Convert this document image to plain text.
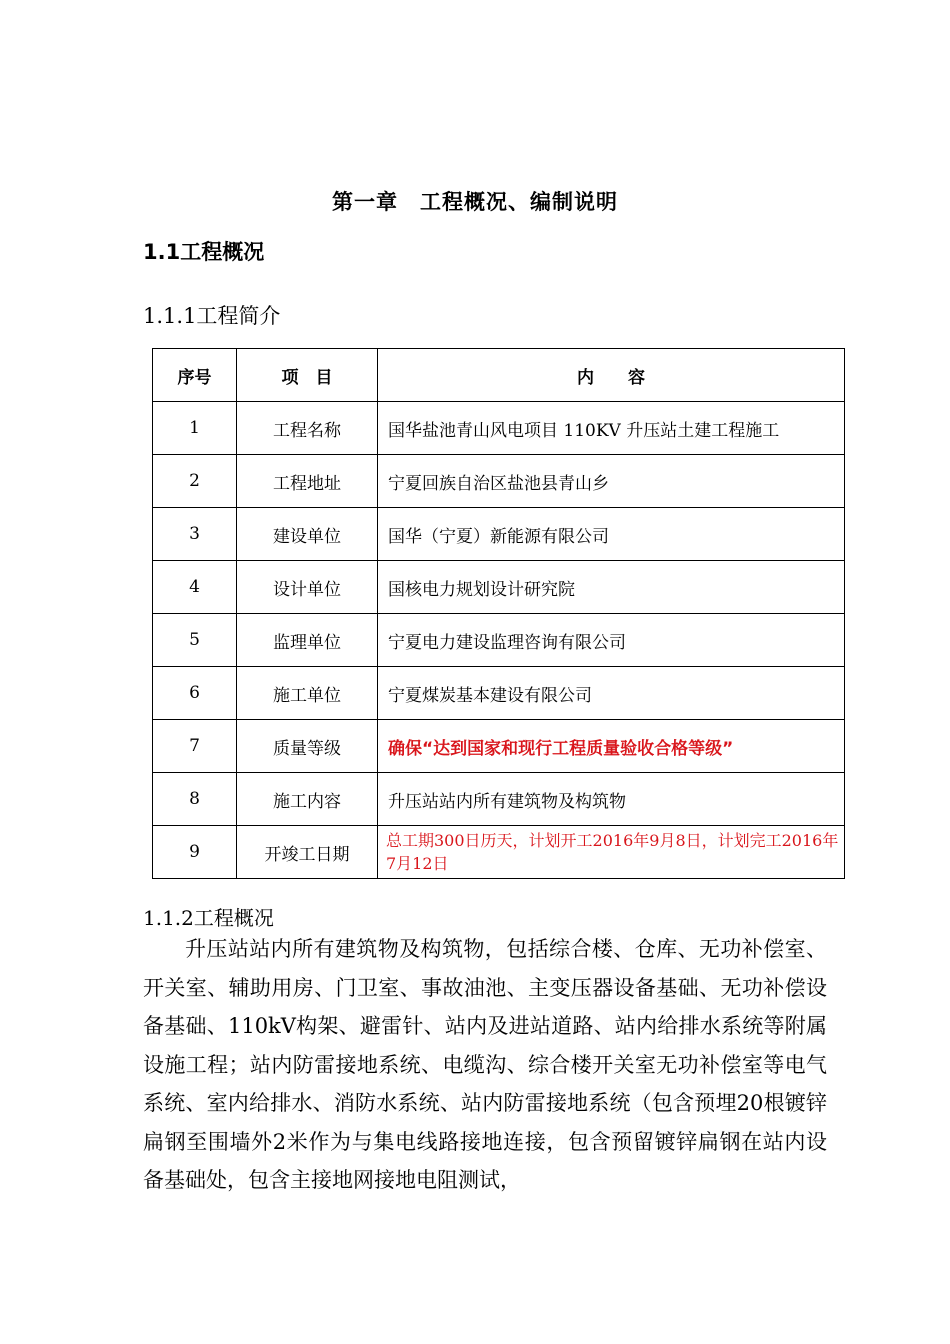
第一章　工程概况、编制说明
1.1工程概况
1.1.1工程简介
序号	项　目	内　　容
1	工程名称	国华盐池青山风电项目 110KV 升压站土建工程施工
2	工程地址	宁夏回族自治区盐池县青山乡
3	建设单位	国华（宁夏）新能源有限公司
4	设计单位	国核电力规划设计研究院
5	监理单位	宁夏电力建设监理咨询有限公司
6	施工单位	宁夏煤炭基本建设有限公司
7	质量等级	确保“达到国家和现行工程质量验收合格等级”
8	施工内容	升压站站内所有建筑物及构筑物
9	开竣工日期	总工期300日历天，计划开工2016年9月8日，计划完工2016年7月12日
1.1.2工程概况

升压站站内所有建筑物及构筑物，包括综合楼、仓库、无功补偿室、开关室、辅助用房、门卫室、事故油池、主变压器设备基础、无功补偿设备基础、110kV构架、避雷针、站内及进站道路、站内给排水系统等附属设施工程；站内防雷接地系统、电缆沟、综合楼开关室无功补偿室等电气系统、室内给排水、消防水系统、站内防雷接地系统（包含预埋20根镀锌扁钢至围墙外2米作为与集电线路接地连接，包含预留镀锌扁钢在站内设备基础处，包含主接地网接地电阻测试，
